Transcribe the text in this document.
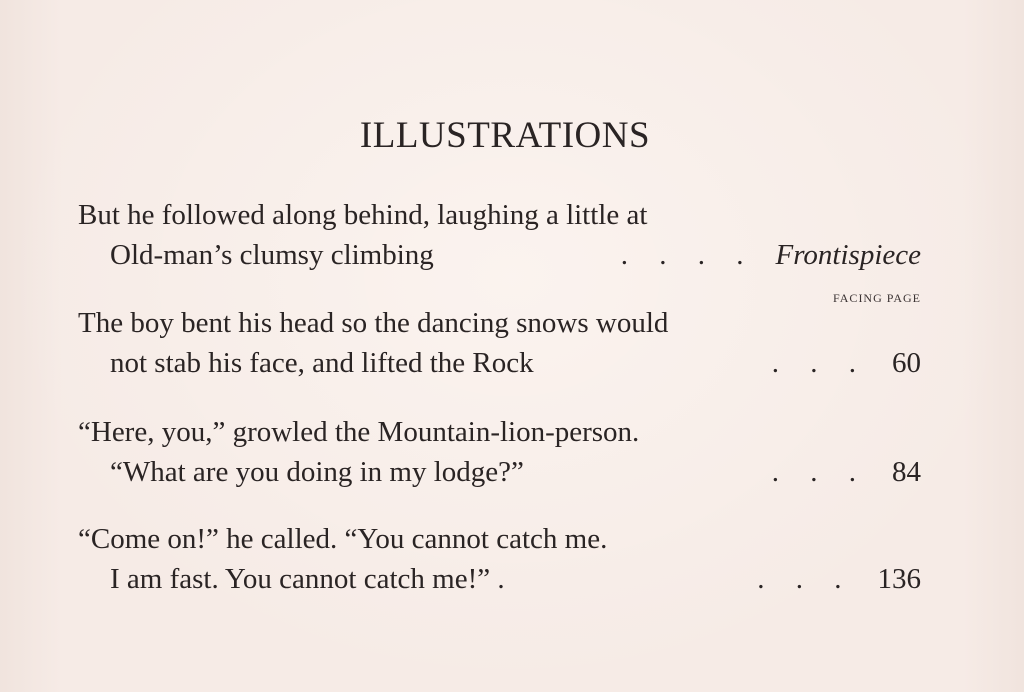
ILLUSTRATIONS
FACING PAGE
But he followed along behind, laughing a little at
Old-man’s clumsy climbing	. . . . Frontispiece
The boy bent his head so the dancing snows would
not stab his face, and lifted the Rock	. . . 60
“Here, you,” growled the Mountain-lion-person.
“What are you doing in my lodge?”	. . . 84
“Come on!” he called. “You cannot catch me.
I am fast. You cannot catch me!” .	. . . 136
